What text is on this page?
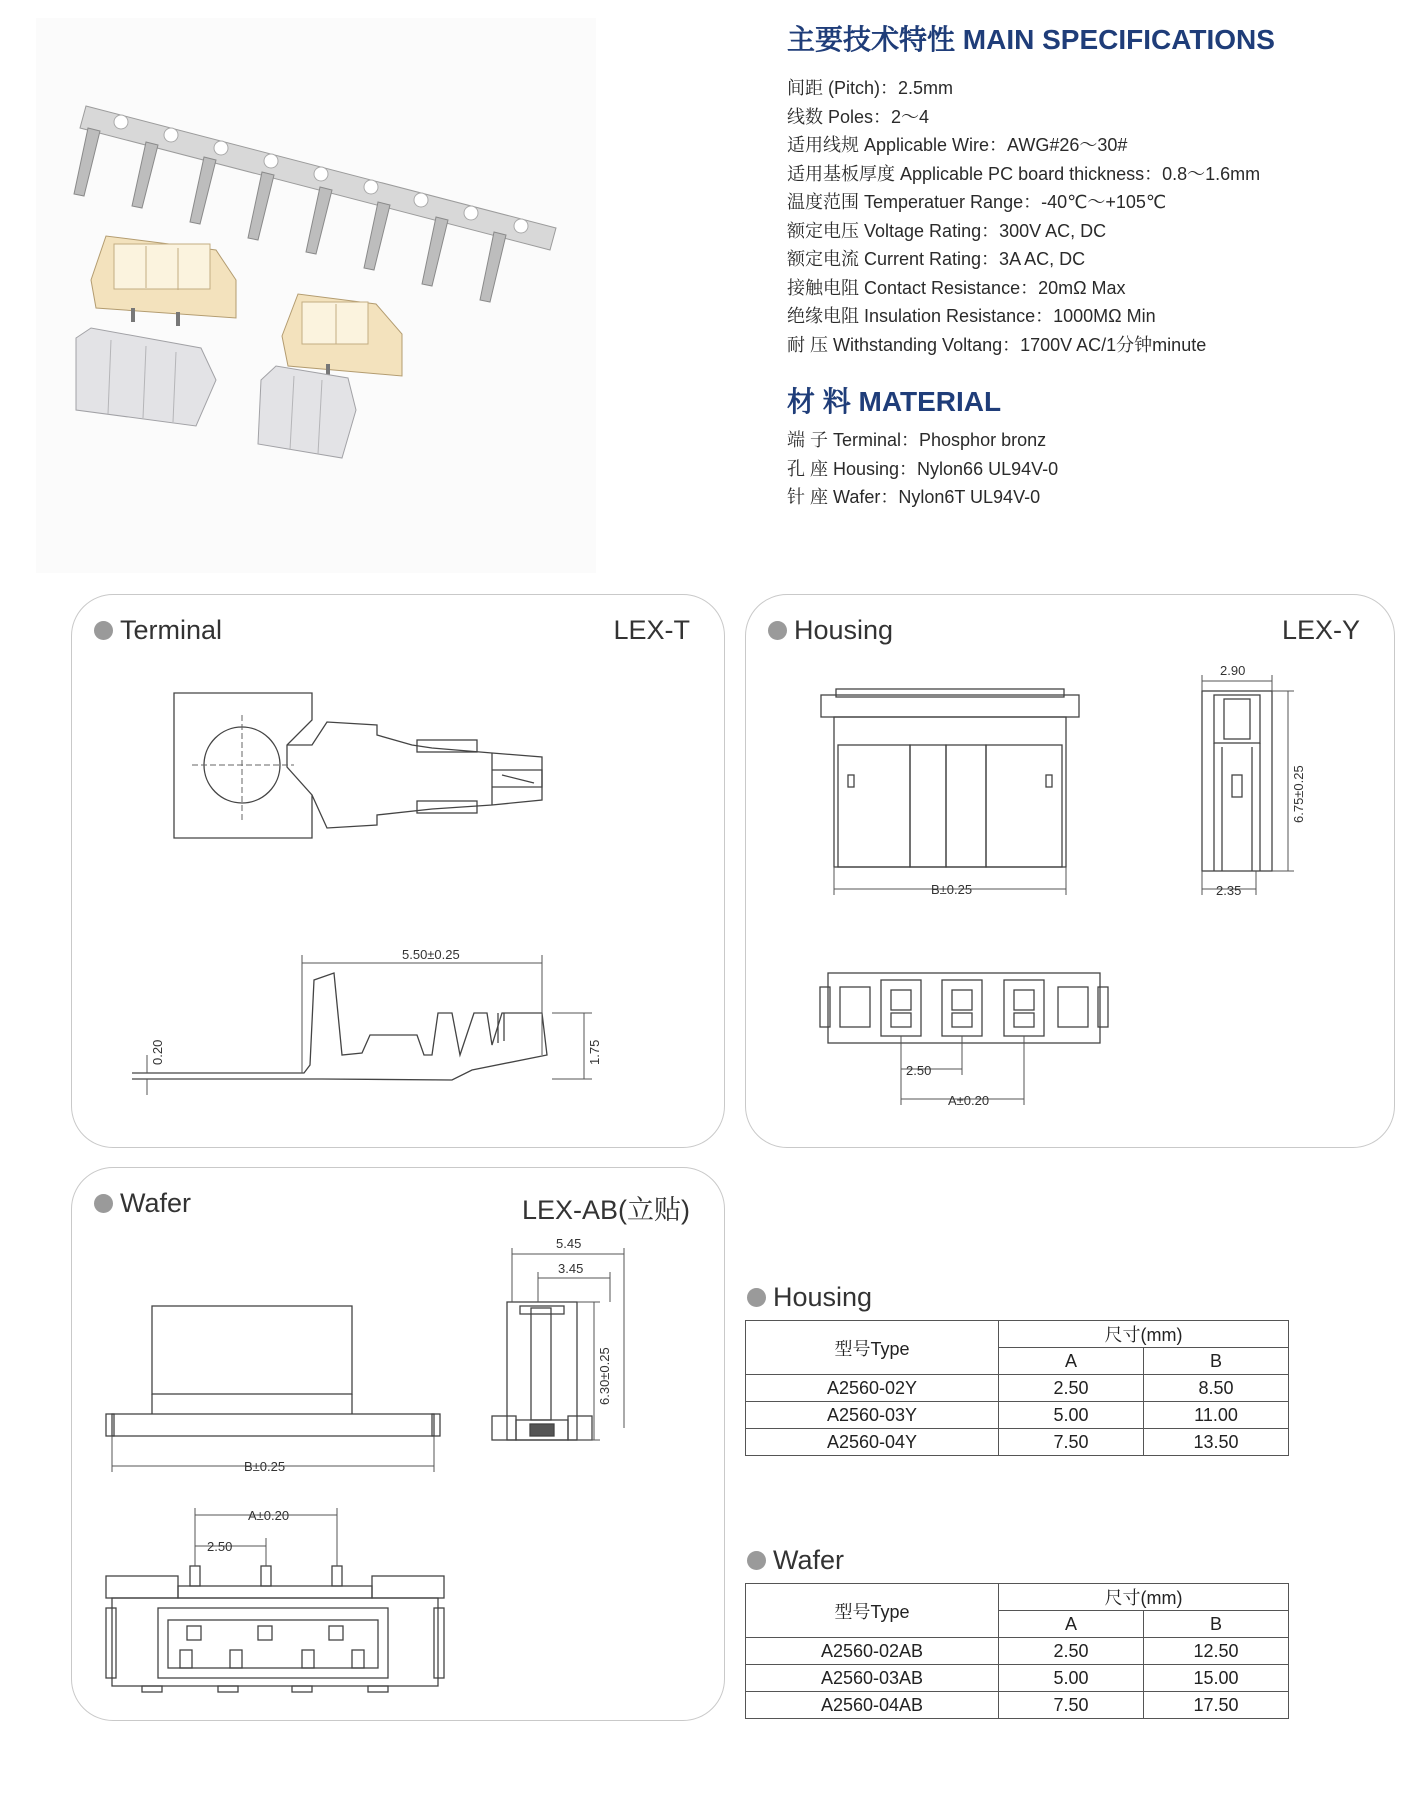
主要技术特性 MAIN SPECIFICATIONS
间距 (Pitch)：2.5mm
线数 Poles：2～4
适用线规 Applicable Wire：AWG#26～30#
适用基板厚度 Applicable PC board thickness：0.8～1.6mm
温度范围 Temperatuer Range：-40℃～+105℃
额定电压 Voltage Rating：300V AC, DC
额定电流 Current Rating：3A AC, DC
接触电阻 Contact Resistance：20mΩ Max
绝缘电阻 Insulation Resistance：1000MΩ Min
耐 压 Withstanding Voltang：1700V AC/1分钟minute
材 料 MATERIAL
端 子 Terminal：Phosphor bronz
孔 座 Housing：Nylon66 UL94V-0
针 座 Wafer：Nylon6T UL94V-0
Terminal	LEX-T
5.50±0.25
1.75
0.20
Housing	LEX-Y
B±0.25
2.90
6.75±0.25
2.35
2.50
A±0.20
Wafer	LEX-AB(立贴)
5.45
3.45
6.30±0.25
B±0.25
A±0.20
2.50
Housing
型号Type	尺寸(mm)	
	A	B
A2560-02Y	2.50	8.50
A2560-03Y	5.00	11.00
A2560-04Y	7.50	13.50
Wafer
型号Type	尺寸(mm)	
	A	B
A2560-02AB	2.50	12.50
A2560-03AB	5.00	15.00
A2560-04AB	7.50	17.50
